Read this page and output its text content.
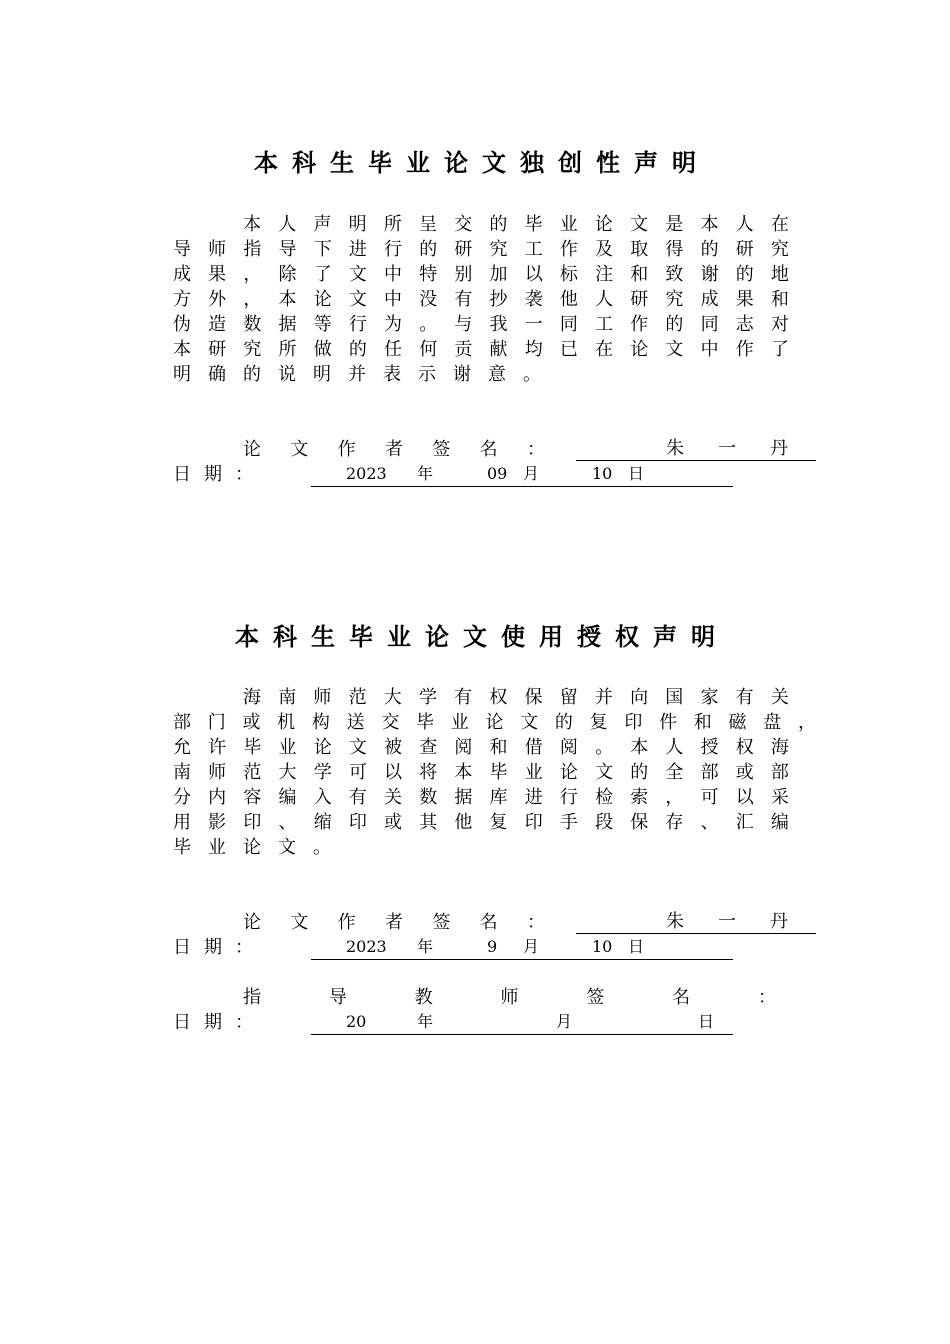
本科生毕业论文独创性声明
本 人 声 明 所 呈 交 的 毕 业 论 文 是 本 人 在
导 师 指 导 下 进 行 的 研 究 工 作 及 取 得 的 研 究
成 果 ， 除 了 文 中 特 别 加 以 标 注 和 致 谢 的 地
方 外 ， 本 论 文 中 没 有 抄 袭 他 人 研 究 成 果 和
伪 造 数 据 等 行 为 。 与 我 一 同 工 作 的 同 志 对
本 研 究 所 做 的 任 何 贡 献 均 已 在 论 文 中 作 了
明 确 的 说 明 并 表 示 谢 意 。
论 文 作 者 签 名 ：	朱 一 丹
日 期 ：	2023 年	09 月	10 日
本科生毕业论文使用授权声明
海 南 师 范 大 学 有 权 保 留 并 向 国 家 有 关
部 门 或 机 构 送 交 毕 业 论 文 的 复 印 件 和 磁 盘 ，
允 许 毕 业 论 文 被 查 阅 和 借 阅 。 本 人 授 权 海
南 师 范 大 学 可 以 将 本 毕 业 论 文 的 全 部 或 部
分 内 容 编 入 有 关 数 据 库 进 行 检 索 ， 可 以 采
用 影 印 、 缩 印 或 其 他 复 印 手 段 保 存 、 汇 编
毕 业 论 文 。
论 文 作 者 签 名 ：	朱 一 丹
日 期 ：	2023 年	9 月	10 日
指	导	教	师	签	名	：
日 期 ：	20	年	月	日
